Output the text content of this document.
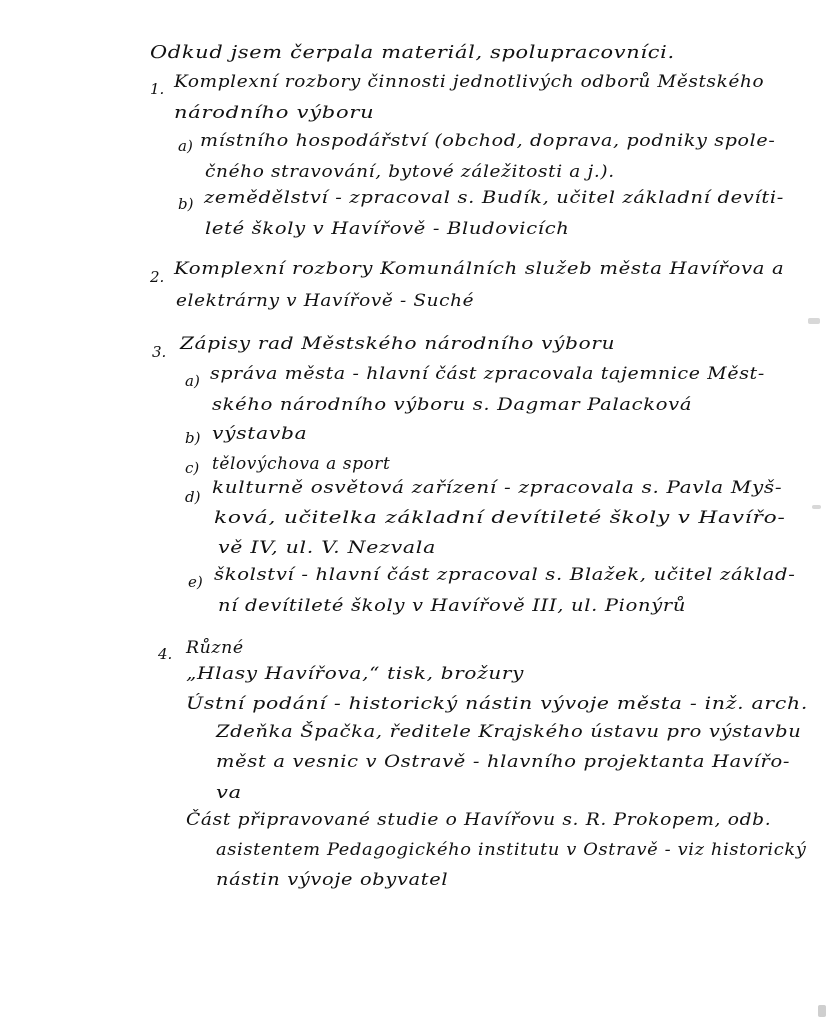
Odkud jsem čerpala materiál, spolupracovníci.
1. Komplexní rozbory činnosti jednotlivých odborů Městského
národního výboru
a) místního hospodářství (obchod, doprava, podniky spole-
čného stravování, bytové záležitosti a j.).
b) zemědělství - zpracoval s. Budík, učitel základní devíti-
leté školy v Havířově - Bludovicích
2. Komplexní rozbory Komunálních služeb města Havířova a
elektrárny v Havířově - Suché
3. Zápisy rad Městského národního výboru
a) správa města - hlavní část zpracovala tajemnice Měst-
ského národního výboru s. Dagmar Palacková
b) výstavba
c) tělovýchova a sport
d) kulturně osvětová zařízení - zpracovala s. Pavla Myš-
ková, učitelka základní devítileté školy v Havířo-
vě IV, ul. V. Nezvala
e) školství - hlavní část zpracoval s. Blažek, učitel základ-
ní devítileté školy v Havířově III, ul. Pionýrů
4. Různé
„Hlasy Havířova,“ tisk, brožury
Ústní podání - historický nástin vývoje města - inž. arch.
Zdeňka Špačka, ředitele Krajského ústavu pro výstavbu
měst a vesnic v Ostravě - hlavního projektanta Havířo-
va
Část připravované studie o Havířovu s. R. Prokopem, odb.
asistentem Pedagogického institutu v Ostravě - viz historický
nástin vývoje obyvatel
